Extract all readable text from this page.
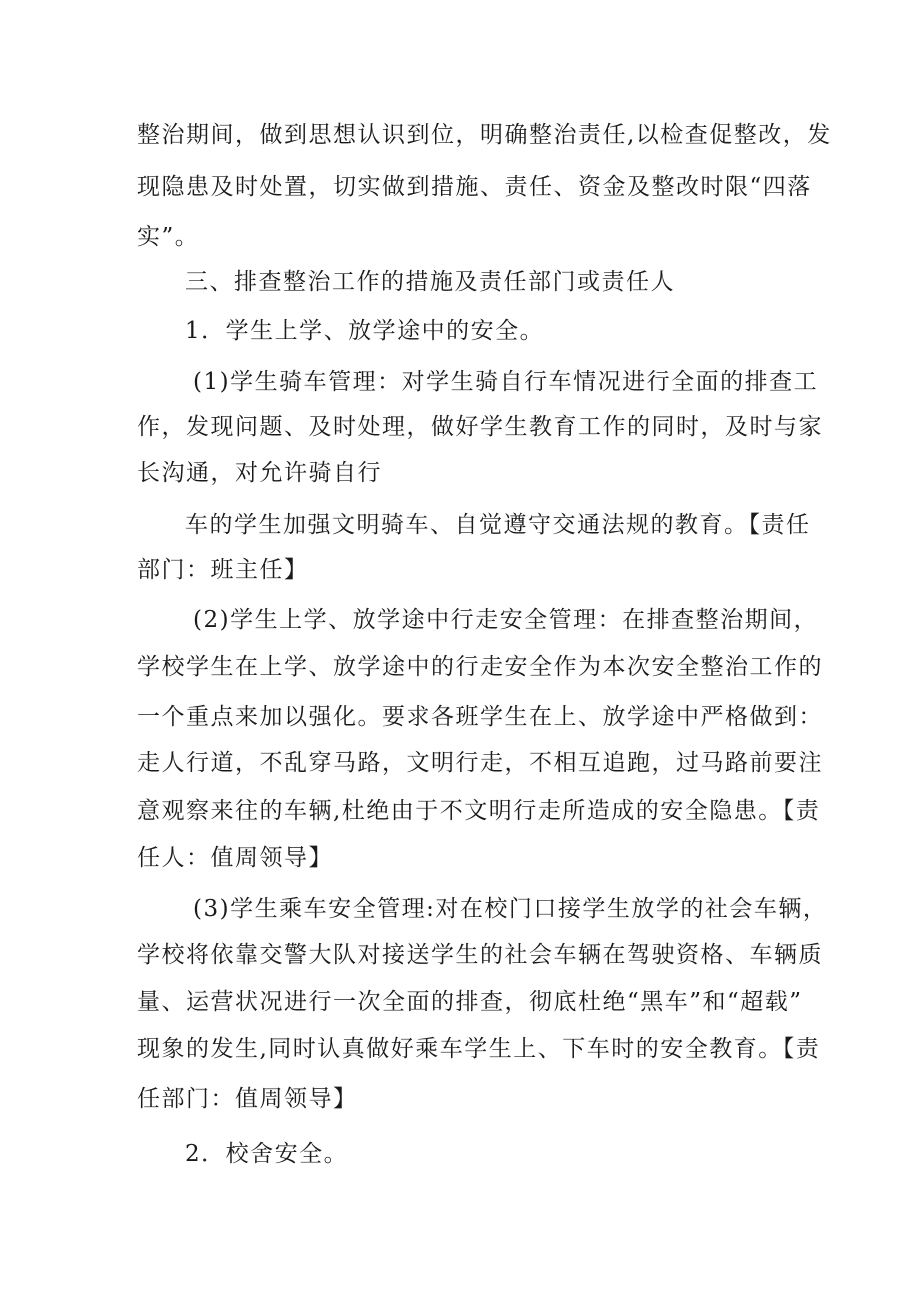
整治期间，做到思想认识到位，明确整治责任,以检查促整改，发
现隐患及时处置，切实做到措施、责任、资金及整改时限“四落
实”。
三、排查整治工作的措施及责任部门或责任人
1．学生上学、放学途中的安全。
(1)学生骑车管理：对学生骑自行车情况进行全面的排查工
作，发现问题、及时处理，做好学生教育工作的同时，及时与家
长沟通，对允许骑自行
车的学生加强文明骑车、自觉遵守交通法规的教育。【责任
部门：班主任】
(2)学生上学、放学途中行走安全管理：在排查整治期间，
学校学生在上学、放学途中的行走安全作为本次安全整治工作的
一个重点来加以强化。要求各班学生在上、放学途中严格做到：
走人行道，不乱穿马路，文明行走，不相互追跑，过马路前要注
意观察来往的车辆,杜绝由于不文明行走所造成的安全隐患。【责
任人：值周领导】
(3)学生乘车安全管理:对在校门口接学生放学的社会车辆，
学校将依靠交警大队对接送学生的社会车辆在驾驶资格、车辆质
量、运营状况进行一次全面的排查，彻底杜绝“黑车”和“超载”
现象的发生,同时认真做好乘车学生上、下车时的安全教育。【责
任部门：值周领导】
2．校舍安全。
